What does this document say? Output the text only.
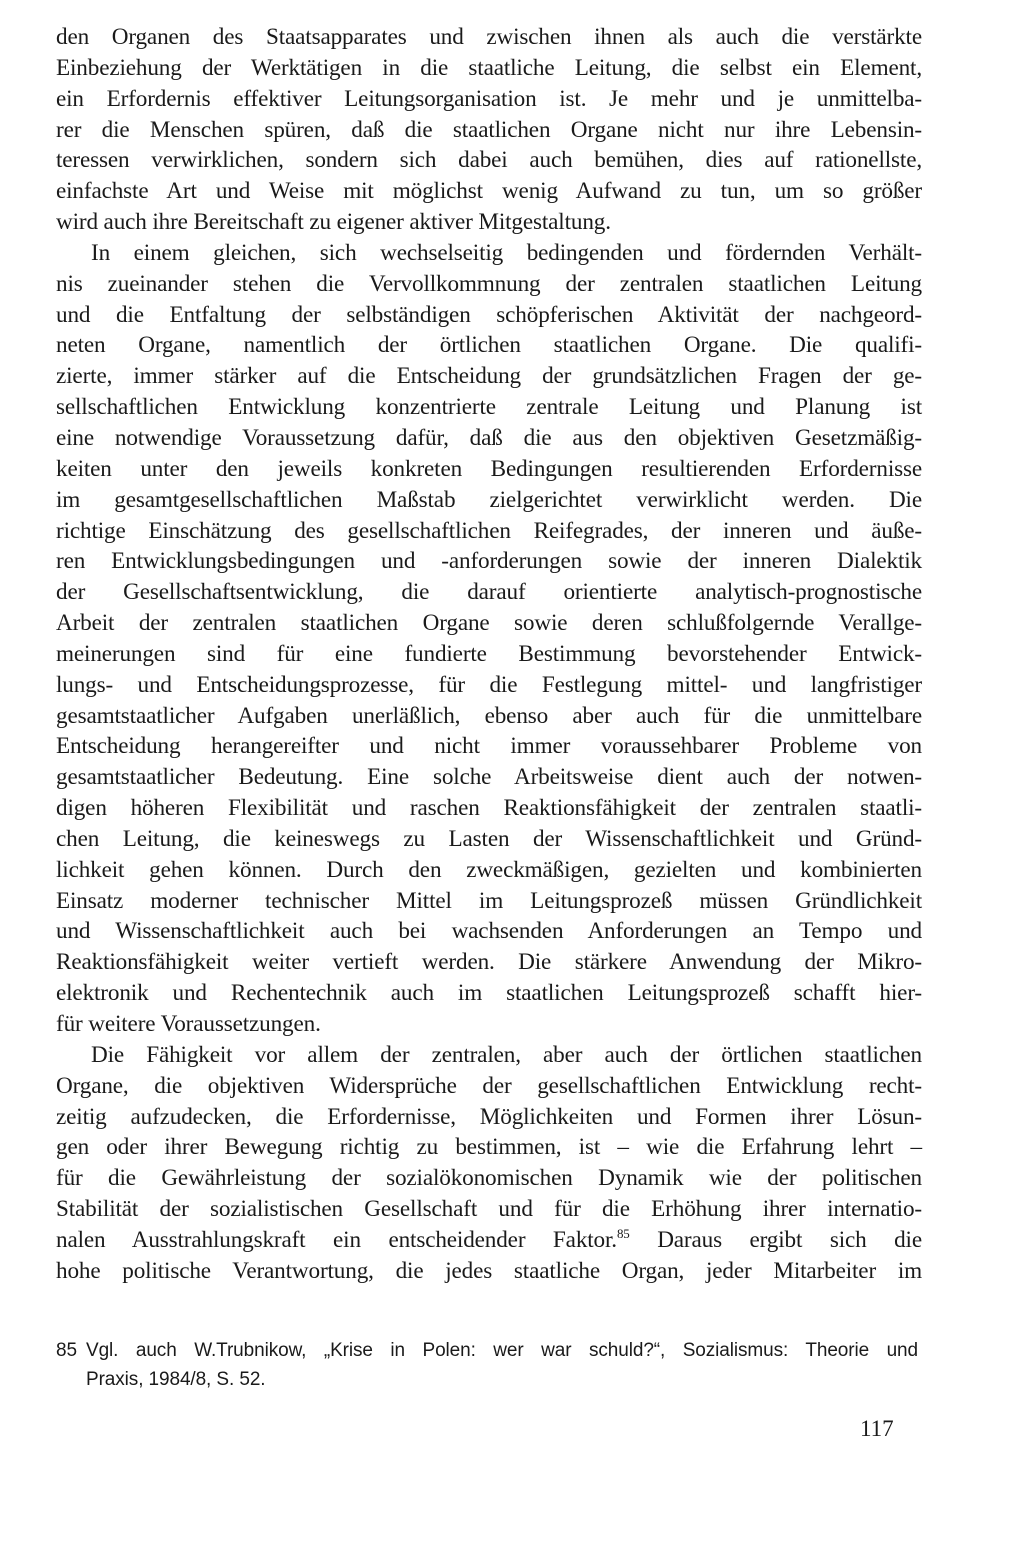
den Organen des Staatsapparates und zwischen ihnen als auch die verstärkte
Einbeziehung der Werktätigen in die staatliche Leitung, die selbst ein Element,
ein Erfordernis effektiver Leitungsorganisation ist. Je mehr und je unmittelba-
rer die Menschen spüren, daß die staatlichen Organe nicht nur ihre Lebensin-
teressen verwirklichen, sondern sich dabei auch bemühen, dies auf rationellste,
einfachste Art und Weise mit möglichst wenig Aufwand zu tun, um so größer
wird auch ihre Bereitschaft zu eigener aktiver Mitgestaltung.
In einem gleichen, sich wechselseitig bedingenden und fördernden Verhält-
nis zueinander stehen die Vervollkommnung der zentralen staatlichen Leitung
und die Entfaltung der selbständigen schöpferischen Aktivität der nachgeord-
neten Organe, namentlich der örtlichen staatlichen Organe. Die qualifi-
zierte, immer stärker auf die Entscheidung der grundsätzlichen Fragen der ge-
sellschaftlichen Entwicklung konzentrierte zentrale Leitung und Planung ist
eine notwendige Voraussetzung dafür, daß die aus den objektiven Gesetzmäßig-
keiten unter den jeweils konkreten Bedingungen resultierenden Erfordernisse
im gesamtgesellschaftlichen Maßstab zielgerichtet verwirklicht werden. Die
richtige Einschätzung des gesellschaftlichen Reifegrades, der inneren und äuße-
ren Entwicklungsbedingungen und -anforderungen sowie der inneren Dialektik
der Gesellschaftsentwicklung, die darauf orientierte analytisch-prognostische
Arbeit der zentralen staatlichen Organe sowie deren schlußfolgernde Verallge-
meinerungen sind für eine fundierte Bestimmung bevorstehender Entwick-
lungs- und Entscheidungsprozesse, für die Festlegung mittel- und langfristiger
gesamtstaatlicher Aufgaben unerläßlich, ebenso aber auch für die unmittelbare
Entscheidung herangereifter und nicht immer voraussehbarer Probleme von
gesamtstaatlicher Bedeutung. Eine solche Arbeitsweise dient auch der notwen-
digen höheren Flexibilität und raschen Reaktionsfähigkeit der zentralen staatli-
chen Leitung, die keineswegs zu Lasten der Wissenschaftlichkeit und Gründ-
lichkeit gehen können. Durch den zweckmäßigen, gezielten und kombinierten
Einsatz moderner technischer Mittel im Leitungsprozeß müssen Gründlichkeit
und Wissenschaftlichkeit auch bei wachsenden Anforderungen an Tempo und
Reaktionsfähigkeit weiter vertieft werden. Die stärkere Anwendung der Mikro-
elektronik und Rechentechnik auch im staatlichen Leitungsprozeß schafft hier-
für weitere Voraussetzungen.
Die Fähigkeit vor allem der zentralen, aber auch der örtlichen staatlichen
Organe, die objektiven Widersprüche der gesellschaftlichen Entwicklung recht-
zeitig aufzudecken, die Erfordernisse, Möglichkeiten und Formen ihrer Lösun-
gen oder ihrer Bewegung richtig zu bestimmen, ist – wie die Erfahrung lehrt –
für die Gewährleistung der sozialökonomischen Dynamik wie der politischen
Stabilität der sozialistischen Gesellschaft und für die Erhöhung ihrer internatio-
nalen Ausstrahlungskraft ein entscheidender Faktor.$^{85}$ Daraus ergibt sich die
hohe politische Verantwortung, die jedes staatliche Organ, jeder Mitarbeiter im
85 Vgl. auch W.Trubnikow, „Krise in Polen: wer war schuld?“, Sozialismus: Theorie und
Praxis, 1984/8, S. 52.
117
